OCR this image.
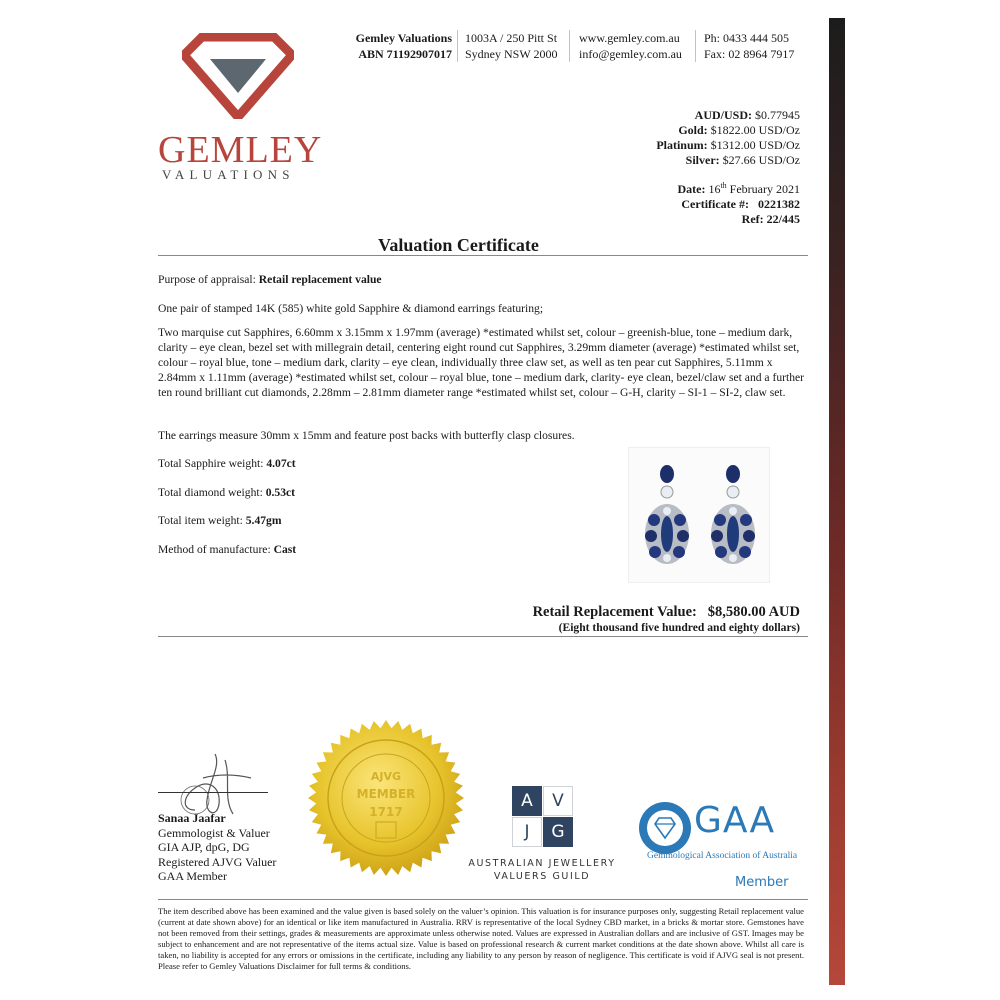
GEMLEY
VALUATIONS
Gemley Valuations
ABN 71192907017
1003A / 250 Pitt St
Sydney NSW 2000
www.gemley.com.au
info@gemley.com.au
Ph: 0433 444 505
Fax: 02 8964 7917
AUD/USD: $0.77945
Gold: $1822.00 USD/Oz
Platinum: $1312.00 USD/Oz
Silver: $27.66 USD/Oz
Date: 16th February 2021
Certificate #: 0221382
Ref: 22/445
Valuation Certificate
Purpose of appraisal: Retail replacement value
One pair of stamped 14K (585) white gold Sapphire & diamond earrings featuring;
Two marquise cut Sapphires, 6.60mm x 3.15mm x 1.97mm (average) *estimated whilst set, colour – greenish-blue, tone – medium dark, clarity – eye clean, bezel set with millegrain detail, centering eight round cut Sapphires, 3.29mm diameter (average) *estimated whilst set, colour – royal blue, tone – medium dark, clarity – eye clean, individually three claw set, as well as ten pear cut Sapphires, 5.11mm x 2.84mm x 1.11mm (average) *estimated whilst set, colour – royal blue, tone – medium dark, clarity- eye clean, bezel/claw set and a further ten round brilliant cut diamonds, 2.28mm – 2.81mm diameter range *estimated whilst set, colour – G-H, clarity – SI-1 – SI-2, claw set.
The earrings measure 30mm x 15mm and feature post backs with butterfly clasp closures.
Total Sapphire weight: 4.07ct
Total diamond weight: 0.53ct
Total item weight: 5.47gm
Method of manufacture: Cast
Retail Replacement Value: $8,580.00 AUD
(Eight thousand five hundred and eighty dollars)
Sanaa Jaafar
Gemmologist & Valuer
GIA AJP, dpG, DG
Registered AJVG Valuer
GAA Member
AJVG
MEMBER
1717
A	V
J	G
AUSTRALIAN JEWELLERY
VALUERS GUILD
GAA
Gemmological Association of Australia
Member
The item described above has been examined and the value given is based solely on the valuer’s opinion. This valuation is for insurance purposes only, suggesting Retail replacement value (current at date shown above) for an identical or like item manufactured in Australia. RRV is representative of the local Sydney CBD market, in a bricks & mortar store. Gemstones have not been removed from their settings, grades & measurements are approximate unless otherwise noted. Values are expressed in Australian dollars and are inclusive of GST. Images may be subject to enhancement and are not representative of the items actual size. Value is based on professional research & current market conditions at the date shown above. Whilst all care is taken, no liability is accepted for any errors or omissions in the certificate, including any liability to any person by reason of negligence. This certificate is void if AJVG seal is not present. Please refer to Gemley Valuations Disclaimer for full terms & conditions.
